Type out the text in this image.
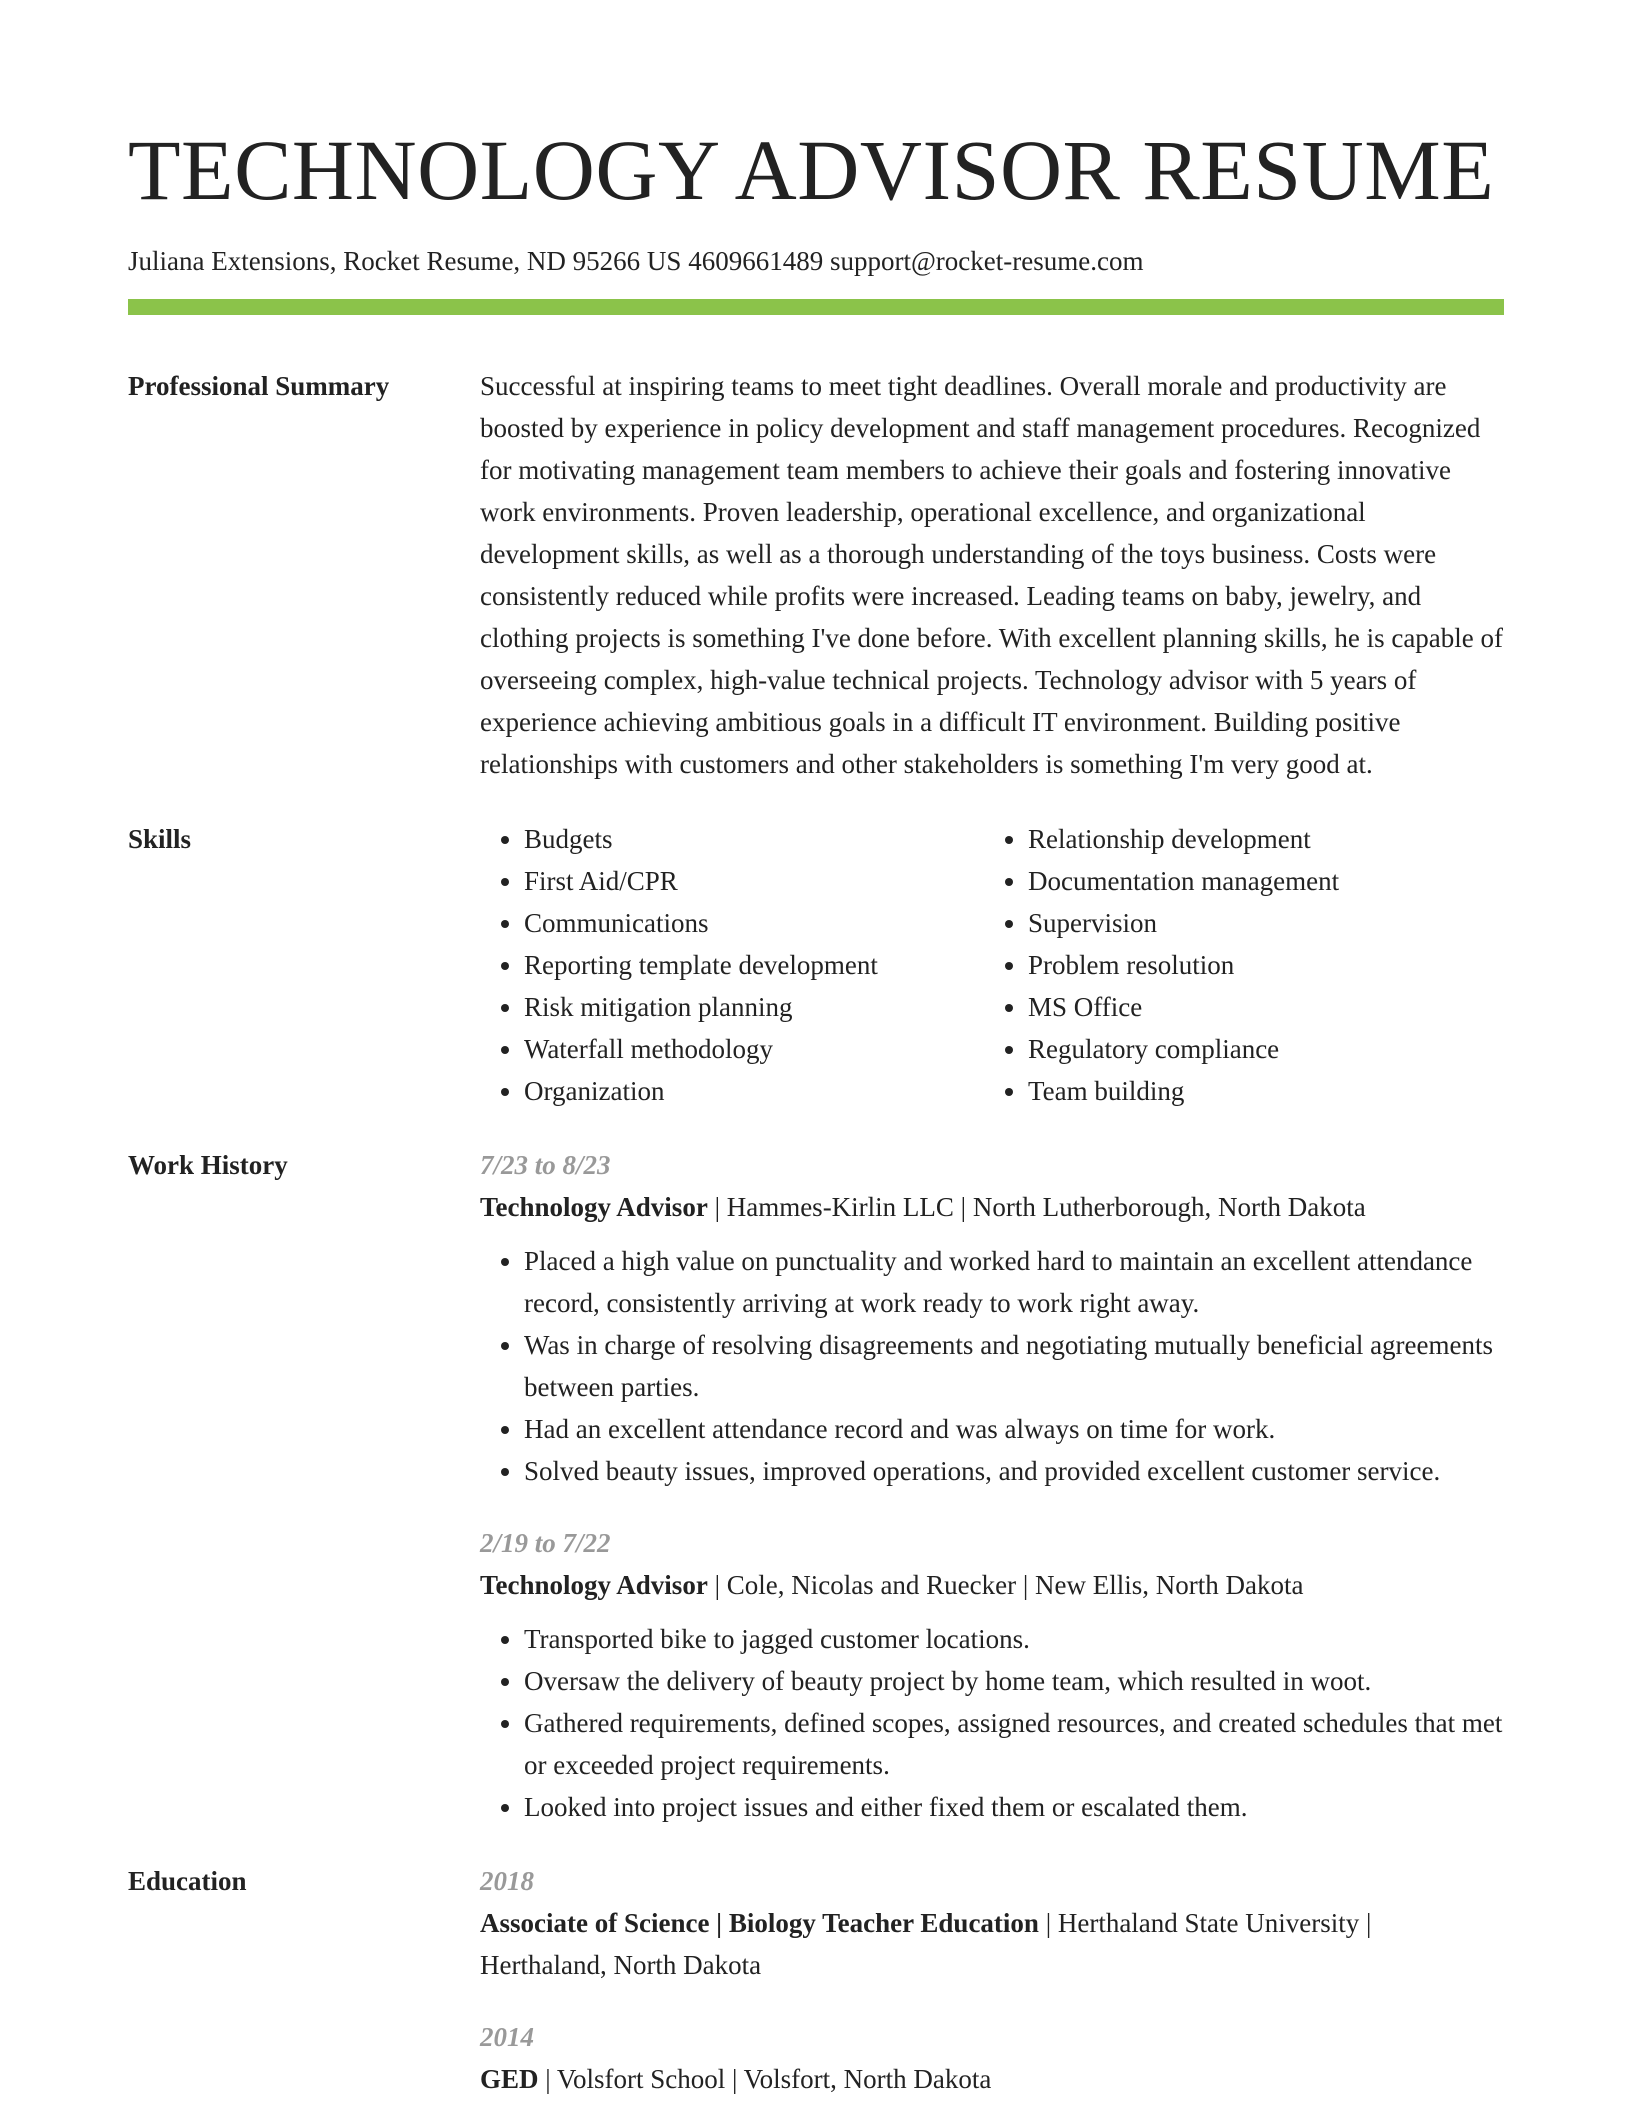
TECHNOLOGY ADVISOR RESUME
Juliana Extensions, Rocket Resume, ND 95266 US 4609661489 support@rocket-resume.com
Professional Summary	Successful at inspiring teams to meet tight deadlines. Overall morale and productivity are boosted by experience in policy development and staff management procedures. Recognized for motivating management team members to achieve their goals and fostering innovative work environments. Proven leadership, operational excellence, and organizational development skills, as well as a thorough understanding of the toys business. Costs were consistently reduced while profits were increased. Leading teams on baby, jewelry, and clothing projects is something I've done before. With excellent planning skills, he is capable of overseeing complex, high-value technical projects. Technology advisor with 5 years of experience achieving ambitious goals in a difficult IT environment. Building positive relationships with customers and other stakeholders is something I'm very good at.

Skills
•	Budgets
• First Aid/CPR
• Communications
• Reporting template development
• Risk mitigation planning
• Waterfall methodology
• Organization
• Relationship development
• Documentation management
• Supervision
• Problem resolution
• MS Office
• Regulatory compliance
• Team building
Work History	7/23 to 8/23
Technology Advisor | Hammes-Kirlin LLC | North Lutherborough, North Dakota
• Placed a high value on punctuality and worked hard to maintain an excellent attendance record, consistently arriving at work ready to work right away.
• Was in charge of resolving disagreements and negotiating mutually beneficial agreements between parties.
• Had an excellent attendance record and was always on time for work.
• Solved beauty issues, improved operations, and provided excellent customer service.
2/19 to 7/22
Technology Advisor | Cole, Nicolas and Ruecker | New Ellis, North Dakota
• Transported bike to jagged customer locations.
• Oversaw the delivery of beauty project by home team, which resulted in woot.
• Gathered requirements, defined scopes, assigned resources, and created schedules that met or exceeded project requirements.
• Looked into project issues and either fixed them or escalated them.
Education	2018
Associate of Science | Biology Teacher Education | Herthaland State University | Herthaland, North Dakota
2014
GED | Volsfort School | Volsfort, North Dakota
